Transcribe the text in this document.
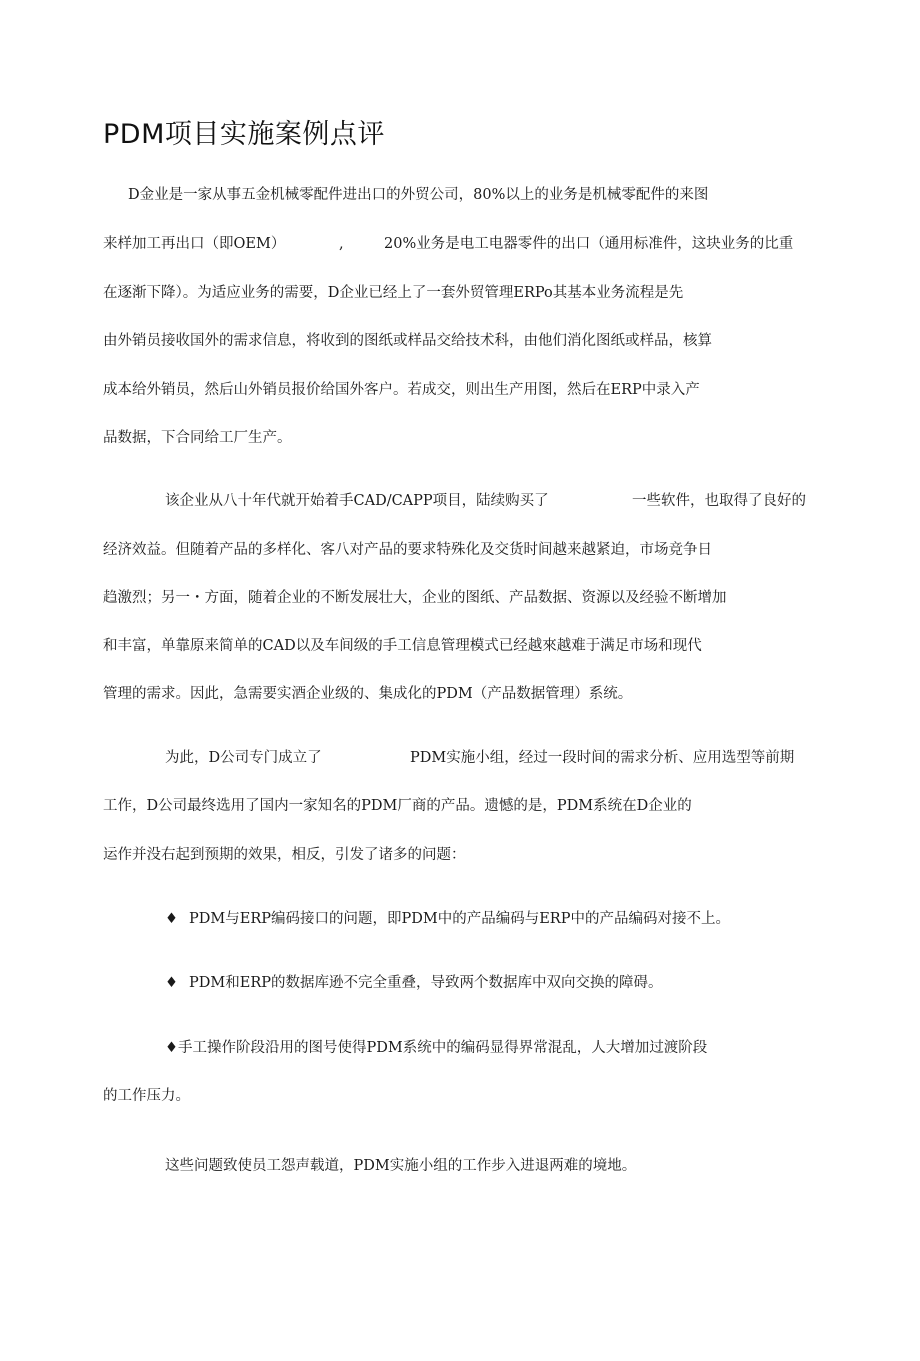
PDM项目实施案例点评
D金业是一家从事五金机械零配件进出口的外贸公司，80%以上的业务是机械零配件的来图
来样加工再出口（即OEM）	,	20%业务是电工电器零件的出口（通用标准件，这块业务的比重
在逐渐下降）。为适应业务的需要，D企业已经上了一套外贸管理ERPo其基本业务流程是先
由外销员接收国外的需求信息，将收到的图纸或样品交给技术科，由他们消化图纸或样品，核算
成本给外销员，然后山外销员报价给国外客户。若成交，则出生产用图，然后在ERP中录入产
品数据，下合同给工厂生产。
该企业从八十年代就开始着手CAD/CAPP项目，陆续购买了	一些软件，也取得了良好的
经济效益。但随着产品的多样化、客八对产品的要求特殊化及交货时间越来越紧迫，市场竞争日
趋激烈；另一・方面，随着企业的不断发展壮大，企业的图纸、产品数据、资源以及经验不断增加
和丰富，单靠原来简单的CAD以及车间级的手工信息管理模式已经越來越难于满足市场和现代
管理的需求。因此，急需要实酒企业级的、集成化的PDM（产品数据管理）系统。
为此，D公司专门成立了	PDM实施小组，经过一段时间的需求分析、应用选型等前期
工作，D公司最终选用了国内一家知名的PDM厂商的产品。遗憾的是，PDM系统在D企业的
运作并没右起到预期的效果，相反，引发了诸多的问题：
♦ PDM与ERP编码接口的问题，即PDM中的产品编码与ERP中的产品编码对接不上。
♦ PDM和ERP的数据库逊不完全重叠，导致两个数据库中双向交换的障碍。
♦手工操作阶段沿用的图号使得PDM系统中的编码显得界常混乱，人大增加过渡阶段
的工作压力。
这些问题致使员工怨声载道，PDM实施小组的工作步入进退两难的境地。
